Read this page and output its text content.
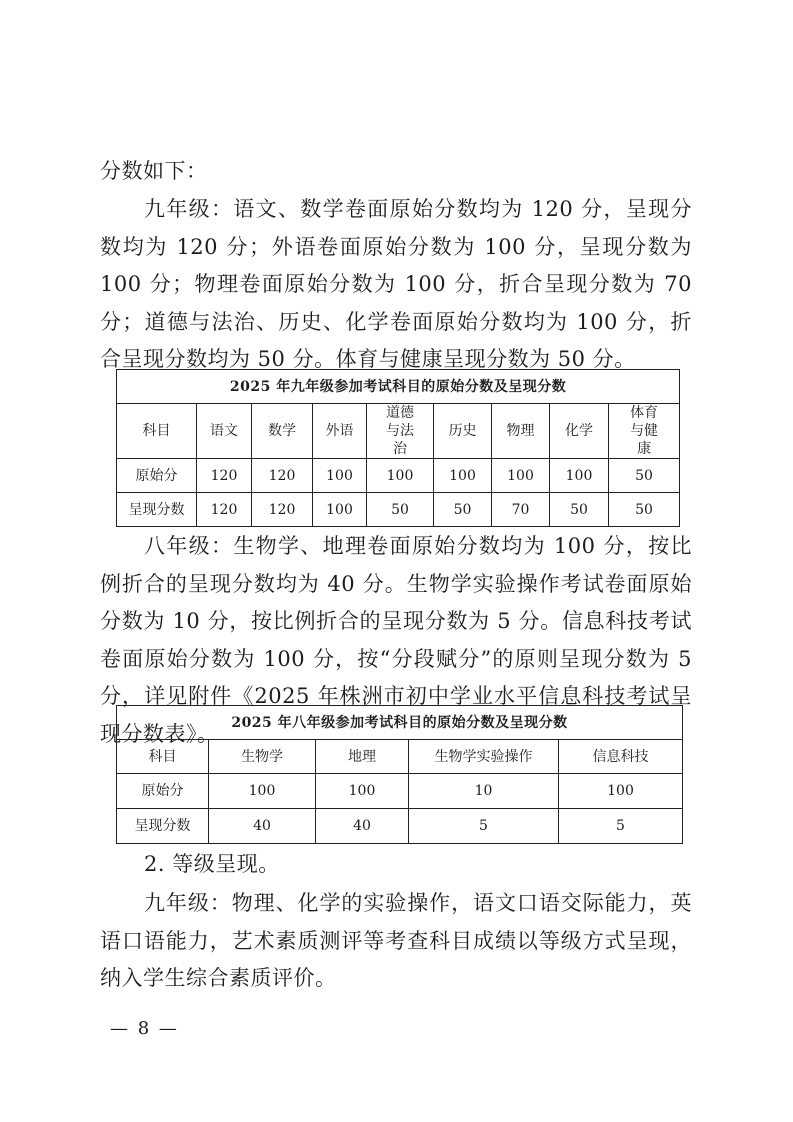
分数如下：

九年级：语文、数学卷面原始分数均为 120 分，呈现分数均为 120 分；外语卷面原始分数为 100 分，呈现分数为 100 分；物理卷面原始分数为 100 分，折合呈现分数为 70 分；道德与法治、历史、化学卷面原始分数均为 100 分，折合呈现分数均为 50 分。体育与健康呈现分数为 50 分。

2025 年九年级参加考试科目的原始分数及呈现分数								
科目	语文	数学	外语	道德与法治	历史	物理	化学	体育与健康

原始分	120	120	100	100	100	100	100	50
呈现分数	120	120	100	50	50	70	50	50

八年级：生物学、地理卷面原始分数均为 100 分，按比例折合的呈现分数均为 40 分。生物学实验操作考试卷面原始分数为 10 分，按比例折合的呈现分数为 5 分。信息科技考试卷面原始分数为 100 分，按“分段赋分”的原则呈现分数为 5 分，详见附件《2025 年株洲市初中学业水平信息科技考试呈现分数表》。 2025 年八年级参加考试科目的原始分数及呈现分数				
科目	生物学	地理	生物学实验操作	信息科技
原始分	100	100	10	100
呈现分数	40	40	5	5

2. 等级呈现。

九年级：物理、化学的实验操作，语文口语交际能力，英语口语能力，艺术素质测评等考查科目成绩以等级方式呈现，纳入学生综合素质评价。

— 8 —
